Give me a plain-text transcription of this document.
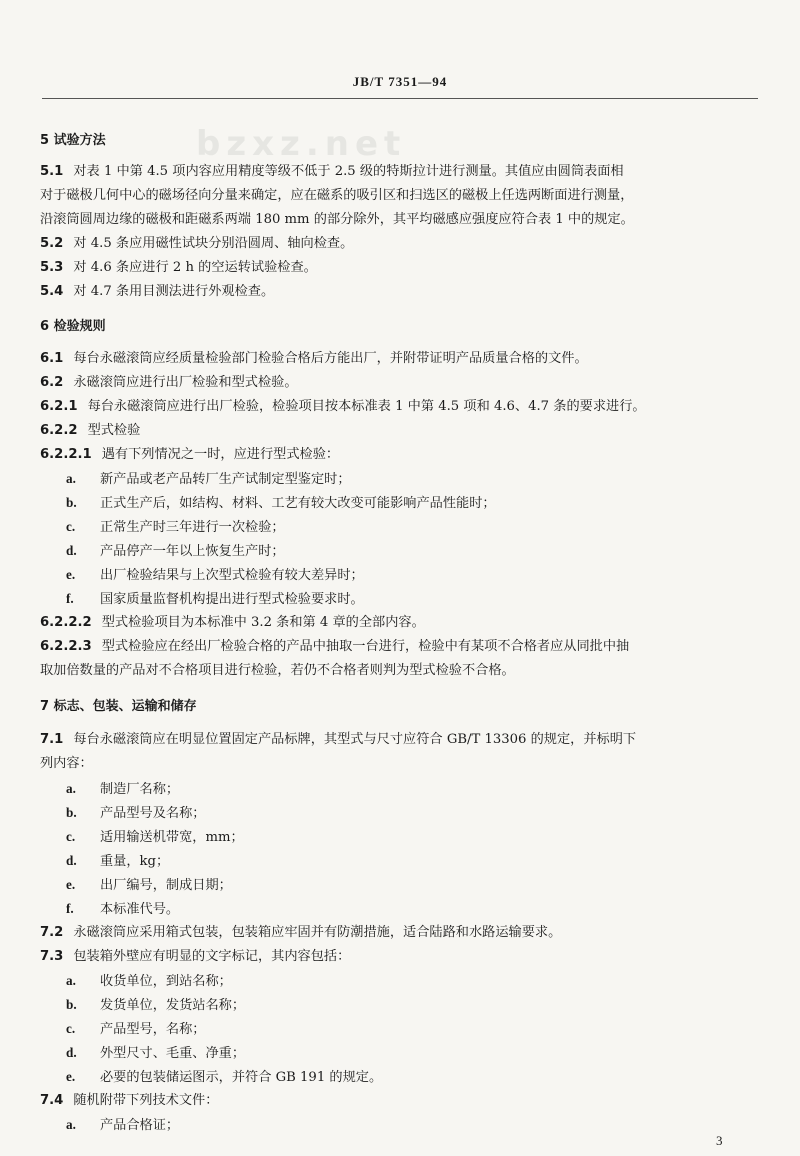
JB/T 7351—94
bzxz.net
5 试验方法
5.1 对表 1 中第 4.5 项内容应用精度等级不低于 2.5 级的特斯拉计进行测量。其值应由圆筒表面相
对于磁极几何中心的磁场径向分量来确定，应在磁系的吸引区和扫选区的磁极上任选两断面进行测量，
沿滚筒圆周边缘的磁极和距磁系两端 180 mm 的部分除外，其平均磁感应强度应符合表 1 中的规定。
5.2 对 4.5 条应用磁性试块分别沿圆周、轴向检查。
5.3 对 4.6 条应进行 2 h 的空运转试验检查。
5.4 对 4.7 条用目测法进行外观检查。
6 检验规则
6.1 每台永磁滚筒应经质量检验部门检验合格后方能出厂，并附带证明产品质量合格的文件。
6.2 永磁滚筒应进行出厂检验和型式检验。
6.2.1 每台永磁滚筒应进行出厂检验，检验项目按本标准表 1 中第 4.5 项和 4.6、4.7 条的要求进行。
6.2.2 型式检验
6.2.2.1 遇有下列情况之一时，应进行型式检验：
a. 新产品或老产品转厂生产试制定型鉴定时；
b. 正式生产后，如结构、材料、工艺有较大改变可能影响产品性能时；
c. 正常生产时三年进行一次检验；
d. 产品停产一年以上恢复生产时；
e. 出厂检验结果与上次型式检验有较大差异时；
f. 国家质量监督机构提出进行型式检验要求时。
6.2.2.2 型式检验项目为本标准中 3.2 条和第 4 章的全部内容。
6.2.2.3 型式检验应在经出厂检验合格的产品中抽取一台进行，检验中有某项不合格者应从同批中抽
取加倍数量的产品对不合格项目进行检验，若仍不合格者则判为型式检验不合格。
7 标志、包装、运输和储存
7.1 每台永磁滚筒应在明显位置固定产品标牌，其型式与尺寸应符合 GB/T 13306 的规定，并标明下
列内容：
a. 制造厂名称；
b. 产品型号及名称；
c. 适用输送机带宽，mm；
d. 重量，kg；
e. 出厂编号，制成日期；
f. 本标准代号。
7.2 永磁滚筒应采用箱式包装，包装箱应牢固并有防潮措施，适合陆路和水路运输要求。
7.3 包装箱外壁应有明显的文字标记，其内容包括：
a. 收货单位，到站名称；
b. 发货单位，发货站名称；
c. 产品型号，名称；
d. 外型尺寸、毛重、净重；
e. 必要的包装储运图示，并符合 GB 191 的规定。
7.4 随机附带下列技术文件：
a. 产品合格证；
3
